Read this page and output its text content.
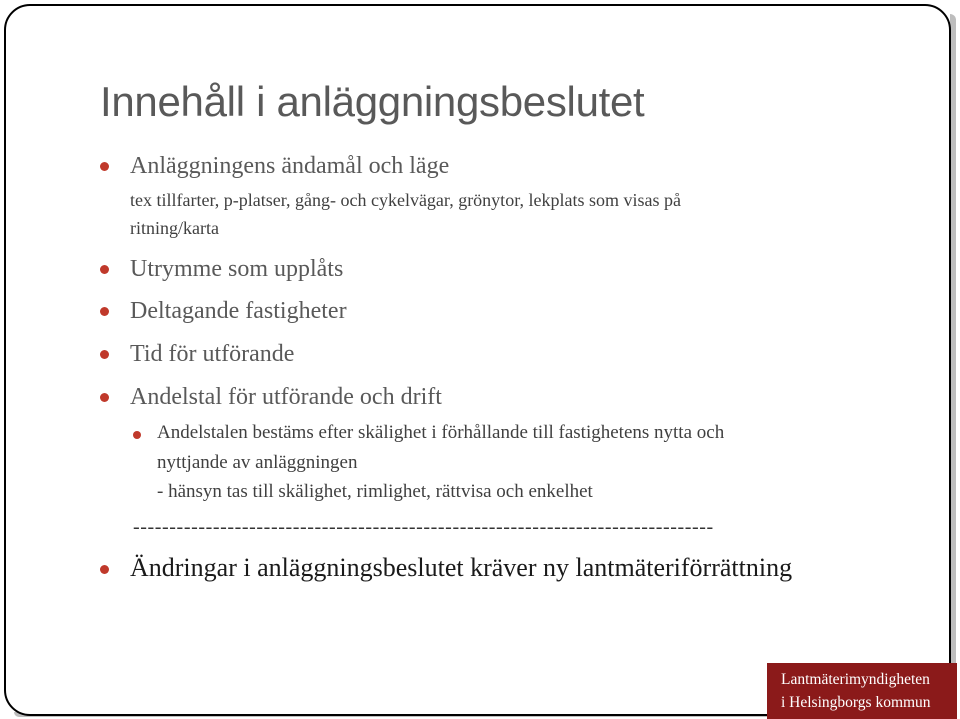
Innehåll i anläggningsbeslutet
Anläggningens ändamål och läge
tex tillfarter, p-platser, gång- och cykelvägar, grönytor, lekplats som visas på
ritning/karta
Utrymme som upplåts
Deltagande fastigheter
Tid för utförande
Andelstal för utförande och drift
Andelstalen bestäms efter skälighet i förhållande till fastighetens nytta och
nyttjande av anläggningen
- hänsyn tas till skälighet, rimlighet, rättvisa och enkelhet
--------------------------------------------------------------------------------
Ändringar i anläggningsbeslutet kräver ny lantmäteriförrättning
Lantmäterimyndigheten
i Helsingborgs kommun
